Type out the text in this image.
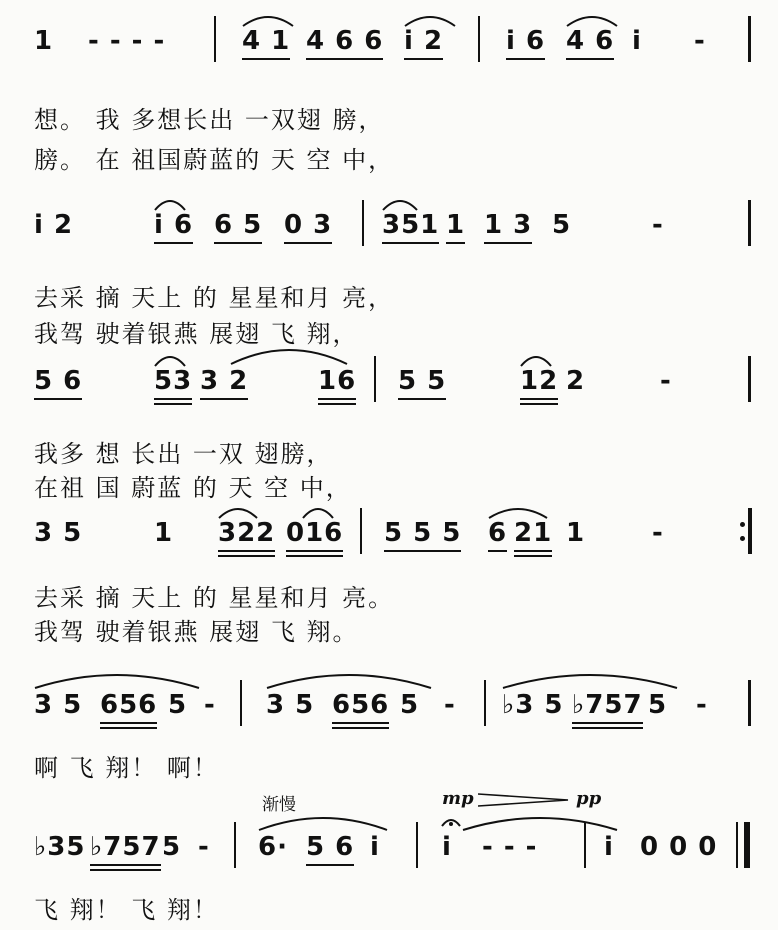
1 - - - -	4 1 4 6 6 i 2 i 6 4 6 i -
想。 我 多想长出 一双翅 膀，
膀。 在 祖国蔚蓝的 天 空 中，
i 2	i 6 6 5 0 3 351 1 1 3 5	-
去采 摘 天上 的 星星和月 亮，
我驾 驶着银燕 展翅 飞 翔，
5 6	53 3 2	16 5 5	12 2	-
我多 想 长出 一双 翅膀，
在祖 国 蔚蓝 的 天 空 中，
3 5	1 322 016 5 5 5 6 21 1	-
去采 摘 天上 的 星星和月 亮。
我驾 驶着银燕 展翅 飞 翔。
3 5 656 5 - 3 5 656 5 - ♭3 5 ♭757 5 -
啊 飞 翔！ 啊！
渐慢	mp	pp
♭35 ♭757 5 - 6· 5 6 i i - - -	i 0 0 0
飞 翔！ 飞 翔！
